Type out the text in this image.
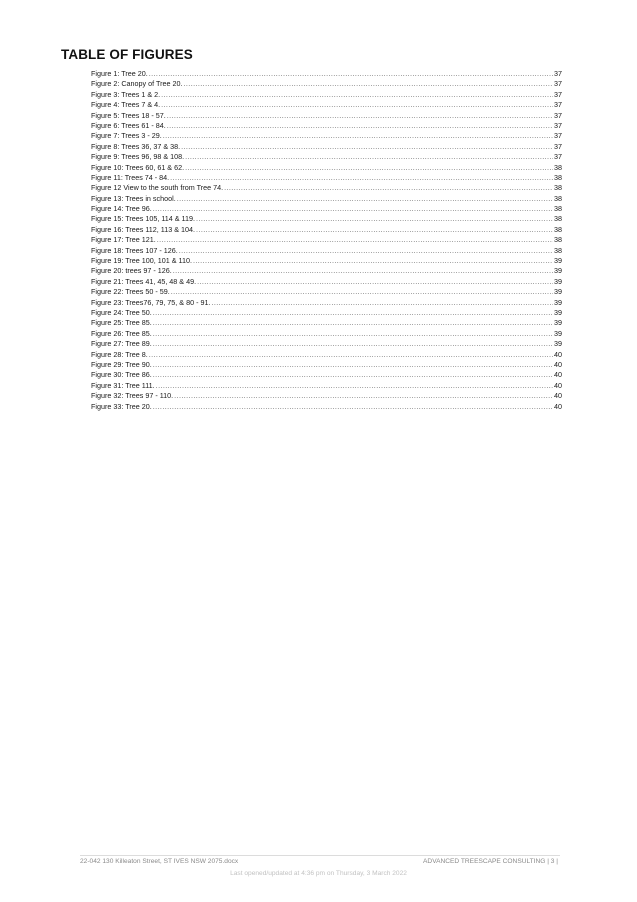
TABLE OF FIGURES
Figure 1: Tree 20. .....	37
Figure 2: Canopy of Tree 20. .....	37
Figure 3: Trees 1 & 2. .....	37
Figure 4: Trees 7 & 4. .....	37
Figure 5: Trees 18 - 57. .....	37
Figure 6: Trees 61 - 84. .....	37
Figure 7: Trees 3 - 29. .....	37
Figure 8: Trees 36, 37 & 38. .....	37
Figure 9: Trees 96, 98 & 108. .....	37
Figure 10: Trees 60, 61 & 62. .....	38
Figure 11: Trees 74 - 84. .....	38
Figure 12 View to the south from Tree 74. .....	38
Figure 13: Trees in school. .....	38
Figure 14: Tree 96. .....	38
Figure 15: Trees 105, 114 & 119. .....	38
Figure 16: Trees 112, 113 & 104. .....	38
Figure 17: Tree 121. .....	38
Figure 18: Trees 107 - 126. .....	38
Figure 19: Tree 100, 101 & 110. .....	39
Figure 20: trees 97 - 126. .....	39
Figure 21: Trees 41, 45, 48 & 49. .....	39
Figure 22: Trees 50 - 59. .....	39
Figure 23: Trees76, 79, 75, & 80 - 91. .....	39
Figure 24: Tree 50. .....	39
Figure 25: Tree 85. .....	39
Figure 26: Tree 85. .....	39
Figure 27: Tree 89. .....	39
Figure 28: Tree 8. .....	40
Figure 29: Tree 90. .....	40
Figure 30: Tree 86. .....	40
Figure 31: Tree 111. .....	40
Figure 32: Trees 97 - 110. .....	40
Figure 33: Tree 20. .....	40
22-042 130 Killeaton Street, ST IVES NSW 2075.docx	ADVANCED TREESCAPE CONSULTING | 3 |
Last opened/updated at 4:36 pm on Thursday, 3 March 2022
